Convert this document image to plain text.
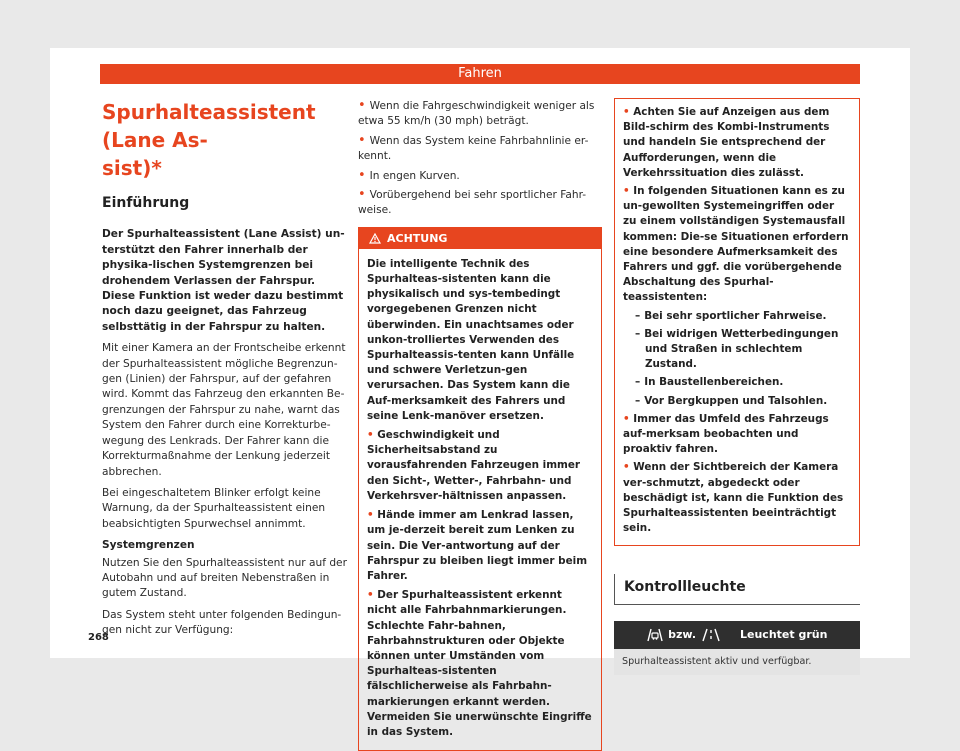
Fahren
Spurhalteassistent (Lane As-
sist)*
Einführung

Der Spurhalteassistent (Lane Assist) un-terstützt den Fahrer innerhalb der physika-lischen Systemgrenzen bei drohendem Verlassen der Fahrspur. Diese Funktion ist weder dazu bestimmt noch dazu geeignet, das Fahrzeug selbsttätig in der Fahrspur zu halten.

Mit einer Kamera an der Frontscheibe erkennt der Spurhalteassistent mögliche Begrenzun-gen (Linien) der Fahrspur, auf der gefahren wird. Kommt das Fahrzeug den erkannten Be-grenzungen der Fahrspur zu nahe, warnt das System den Fahrer durch eine Korrekturbe-wegung des Lenkrads. Der Fahrer kann die Korrekturmaßnahme der Lenkung jederzeit abbrechen.

Bei eingeschaltetem Blinker erfolgt keine Warnung, da der Spurhalteassistent einen beabsichtigten Spurwechsel annimmt.

Systemgrenzen

Nutzen Sie den Spurhalteassistent nur auf der Autobahn und auf breiten Nebenstraßen in gutem Zustand.

Das System steht unter folgenden Bedingun-gen nicht zur Verfügung:

• Wenn die Fahrgeschwindigkeit weniger als etwa 55 km/h (30 mph) beträgt.
• Wenn das System keine Fahrbahnlinie er-kennt.
• In engen Kurven.
• Vorübergehend bei sehr sportlicher Fahr-weise.
ACHTUNG

Die intelligente Technik des Spurhalteas-sistenten kann die physikalisch und sys-tembedingt vorgegebenen Grenzen nicht überwinden. Ein unachtsames oder unkon-trolliertes Verwenden des Spurhalteassis-tenten kann Unfälle und schwere Verletzun-gen verursachen. Das System kann die Auf-merksamkeit des Fahrers und seine Lenk-manöver ersetzen.

• Geschwindigkeit und Sicherheitsabstand zu vorausfahrenden Fahrzeugen immer den Sicht-, Wetter-, Fahrbahn- und Verkehrsver-hältnissen anpassen.

• Hände immer am Lenkrad lassen, um je-derzeit bereit zum Lenken zu sein. Die Ver-antwortung auf der Fahrspur zu bleiben liegt immer beim Fahrer.

• Der Spurhalteassistent erkennt nicht alle Fahrbahnmarkierungen. Schlechte Fahr-bahnen, Fahrbahnstrukturen oder Objekte können unter Umständen vom Spurhalteas-sistenten fälschlicherweise als Fahrbahn-markierungen erkannt werden. Vermeiden Sie unerwünschte Eingriffe in das System.

• Achten Sie auf Anzeigen aus dem Bild-schirm des Kombi-Instruments und handeln Sie entsprechend der Aufforderungen, wenn die Verkehrssituation dies zulässt.

• In folgenden Situationen kann es zu un-gewollten Systemeingriffen oder zu einem vollständigen Systemausfall kommen: Die-se Situationen erfordern eine besondere Aufmerksamkeit des Fahrers und ggf. die vorübergehende Abschaltung des Spurhal-teassistenten:

– Bei sehr sportlicher Fahrweise.

– Bei widrigen Wetterbedingungen und Straßen in schlechtem Zustand.

– In Baustellenbereichen.

– Vor Bergkuppen und Talsohlen.

• Immer das Umfeld des Fahrzeugs auf-merksam beobachten und proaktiv fahren.

• Wenn der Sichtbereich der Kamera ver-schmutzt, abgedeckt oder beschädigt ist, kann die Funktion des Spurhalteassistenten beeinträchtigt sein.

Kontrollleuchte
bzw.	Leuchtet grün
Spurhalteassistent aktiv und verfügbar.
268
